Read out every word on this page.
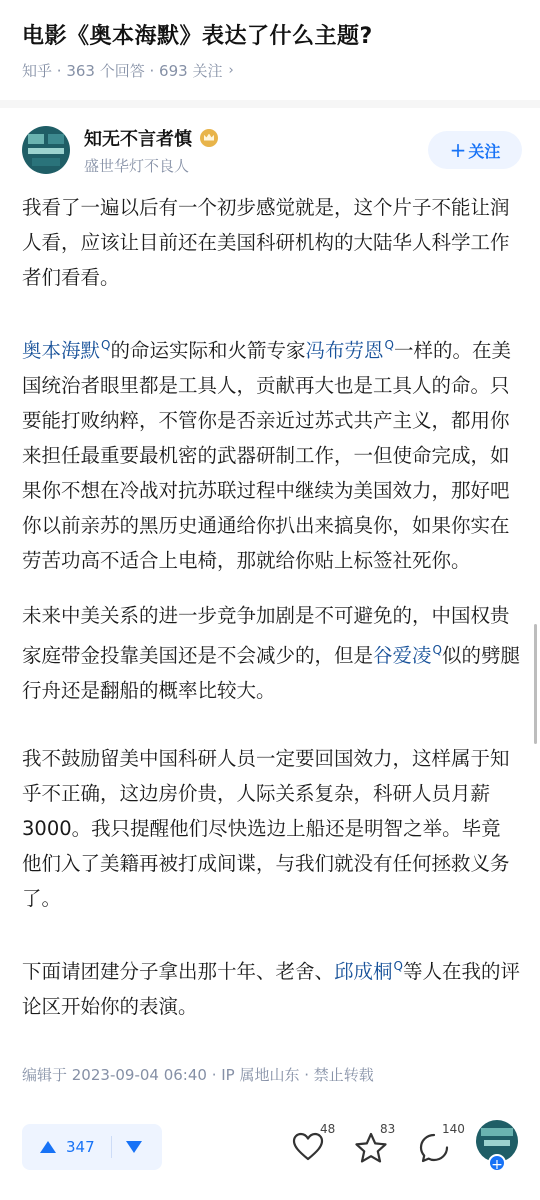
电影《奥本海默》表达了什么主题?
知乎 · 363 个回答 · 693 关注 ›
知无不言者慎
盛世华灯不良人
+ 关注

我看了一遍以后有一个初步感觉就是，这个片子不能让润人看，应该让目前还在美国科研机构的大陆华人科学工作者们看看。

奥本海默$^Q$的命运实际和火箭专家冯布劳恩$^Q$一样的。在美国统治者眼里都是工具人，贡献再大也是工具人的命。只要能打败纳粹，不管你是否亲近过苏式共产主义，都用你来担任最重要最机密的武器研制工作，一但使命完成，如果你不想在冷战对抗苏联过程中继续为美国效力，那好吧你以前亲苏的黑历史通通给你扒出来搞臭你，如果你实在劳苦功高不适合上电椅，那就给你贴上标签社死你。

未来中美关系的进一步竞争加剧是不可避免的，中国权贵家庭带金投靠美国还是不会减少的，但是谷爱凌$^Q$似的劈腿行舟还是翻船的概率比较大。

我不鼓励留美中国科研人员一定要回国效力，这样属于知乎不正确，这边房价贵，人际关系复杂，科研人员月薪3000。我只提醒他们尽快选边上船还是明智之举。毕竟他们入了美籍再被打成间谍，与我们就没有任何拯救义务了。

下面请团建分子拿出那十年、老舍、邱成桐$^Q$等人在我的评论区开始你的表演。

编辑于 2023-09-04 06:40 · IP 属地山东 · 禁止转载
347
48	83	140
+
